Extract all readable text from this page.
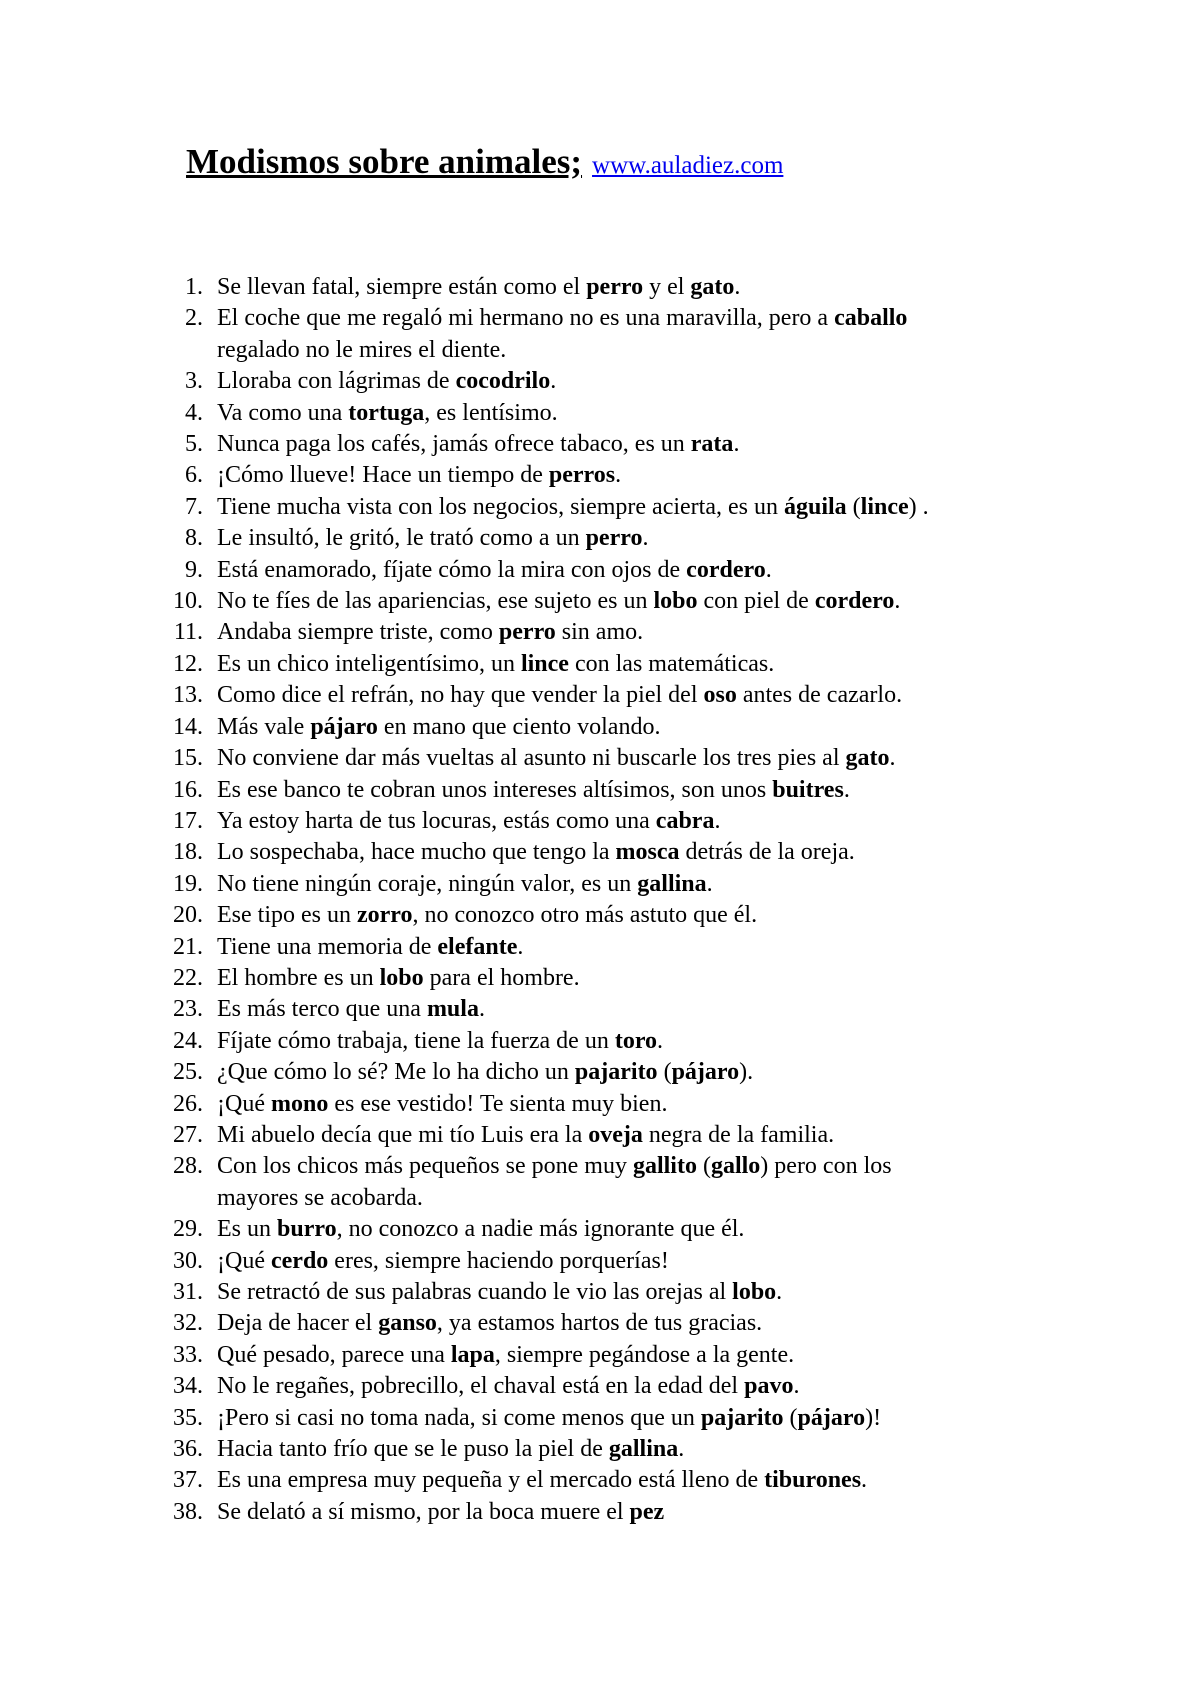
Modismos sobre animales; www.auladiez.com
1. Se llevan fatal, siempre están como el perro y el gato.
2. El coche que me regaló mi hermano no es una maravilla, pero a caballo
regalado no le mires el diente.
3. Lloraba con lágrimas de cocodrilo.
4. Va como una tortuga, es lentísimo.
5. Nunca paga los cafés, jamás ofrece tabaco, es un rata.
6. ¡Cómo llueve! Hace un tiempo de perros.
7. Tiene mucha vista con los negocios, siempre acierta, es un águila (lince) .
8. Le insultó, le gritó, le trató como a un perro.
9. Está enamorado, fíjate cómo la mira con ojos de cordero.
10. No te fíes de las apariencias, ese sujeto es un lobo con piel de cordero.
11. Andaba siempre triste, como perro sin amo.
12. Es un chico inteligentísimo, un lince con las matemáticas.
13. Como dice el refrán, no hay que vender la piel del oso antes de cazarlo.
14. Más vale pájaro en mano que ciento volando.
15. No conviene dar más vueltas al asunto ni buscarle los tres pies al gato.
16. Es ese banco te cobran unos intereses altísimos, son unos buitres.
17. Ya estoy harta de tus locuras, estás como una cabra.
18. Lo sospechaba, hace mucho que tengo la mosca detrás de la oreja.
19. No tiene ningún coraje, ningún valor, es un gallina.
20. Ese tipo es un zorro, no conozco otro más astuto que él.
21. Tiene una memoria de elefante.
22. El hombre es un lobo para el hombre.
23. Es más terco que una mula.
24. Fíjate cómo trabaja, tiene la fuerza de un toro.
25. ¿Que cómo lo sé? Me lo ha dicho un pajarito (pájaro).
26. ¡Qué mono es ese vestido! Te sienta muy bien.
27. Mi abuelo decía que mi tío Luis era la oveja negra de la familia.
28. Con los chicos más pequeños se pone muy gallito (gallo) pero con los
mayores se acobarda.
29. Es un burro, no conozco a nadie más ignorante que él.
30. ¡Qué cerdo eres, siempre haciendo porquerías!
31. Se retractó de sus palabras cuando le vio las orejas al lobo.
32. Deja de hacer el ganso, ya estamos hartos de tus gracias.
33. Qué pesado, parece una lapa, siempre pegándose a la gente.
34. No le regañes, pobrecillo, el chaval está en la edad del pavo.
35. ¡Pero si casi no toma nada, si come menos que un pajarito (pájaro)!
36. Hacia tanto frío que se le puso la piel de gallina.
37. Es una empresa muy pequeña y el mercado está lleno de tiburones.
38. Se delató a sí mismo, por la boca muere el pez
